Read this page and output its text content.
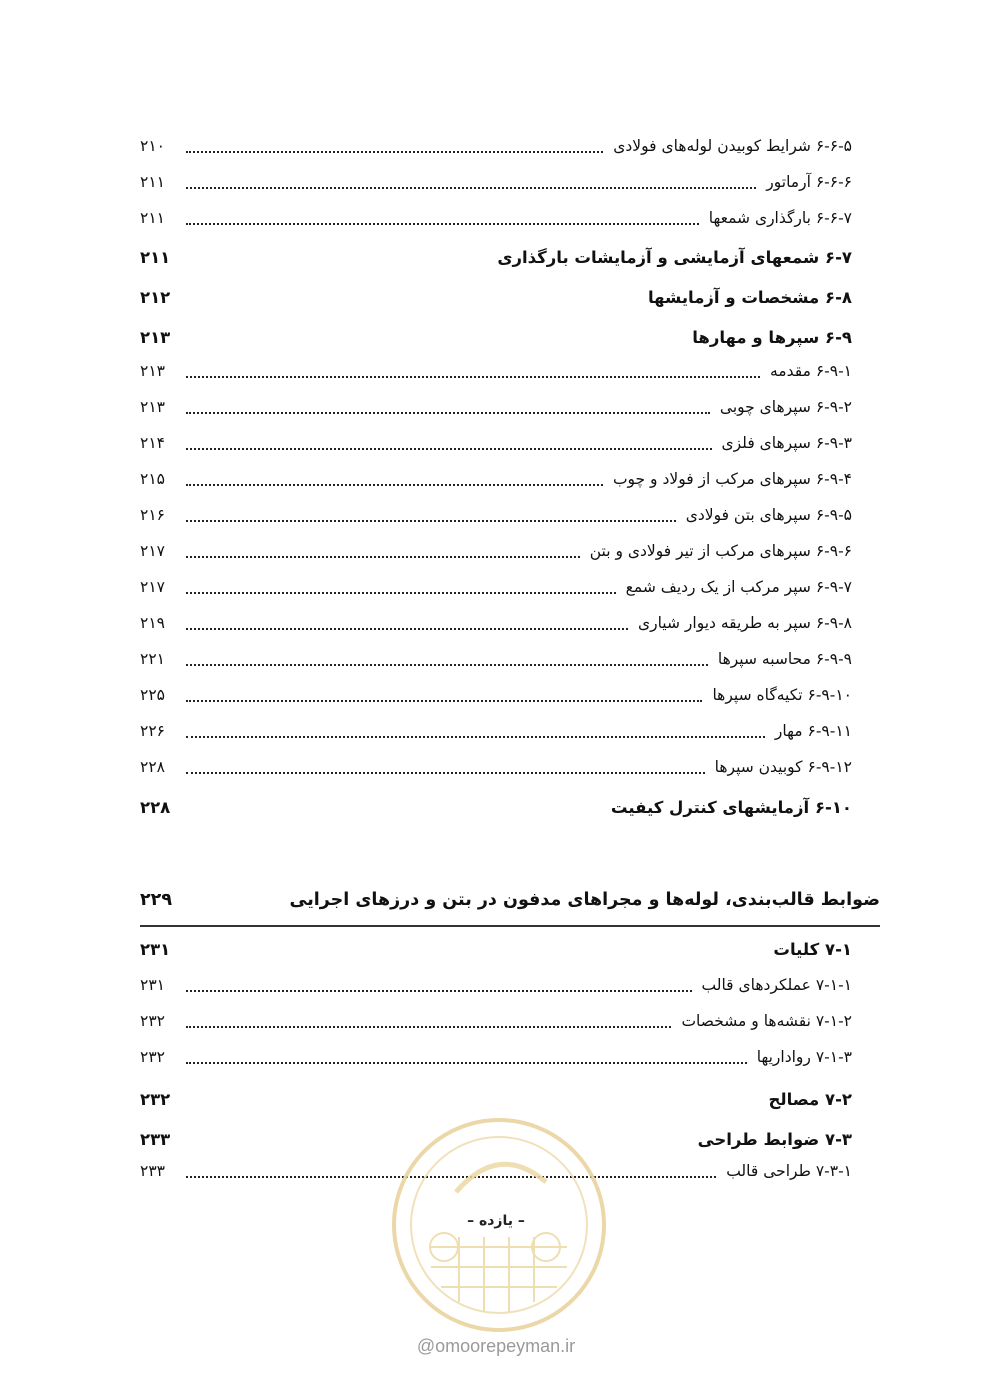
۶-۶-۵ شرایط کوبیدن لوله‌های فولادی
۲۱۰
۶-۶-۶ آرماتور
۲۱۱
۶-۶-۷ بارگذاری شمعها
۲۱۱
۶-۷ شمعهای آزمایشی و آزمایشات بارگذاری
۲۱۱
۶-۸ مشخصات و آزمایشها
۲۱۲
۶-۹ سپرها و مهارها
۲۱۳
۶-۹-۱ مقدمه
۲۱۳
۶-۹-۲ سپرهای چوبی
۲۱۳
۶-۹-۳ سپرهای فلزی
۲۱۴
۶-۹-۴ سپرهای مرکب از فولاد و چوب
۲۱۵
۶-۹-۵ سپرهای بتن فولادی
۲۱۶
۶-۹-۶ سپرهای مرکب از تیر فولادی و بتن
۲۱۷
۶-۹-۷ سپر مرکب از یک ردیف شمع
۲۱۷
۶-۹-۸ سپر به طریقه دیوار شیاری
۲۱۹
۶-۹-۹ محاسبه سپرها
۲۲۱
۶-۹-۱۰ تکیه‌گاه سپرها
۲۲۵
۶-۹-۱۱ مهار
۲۲۶
۶-۹-۱۲ کوبیدن سپرها
۲۲۸
۶-۱۰ آزمایشهای کنترل کیفیت
۲۲۸
ضوابط قالب‌بندی، لوله‌ها و مجراهای مدفون در بتن و درزهای اجرایی
۲۲۹
۷-۱ کلیات
۲۳۱
۷-۱-۱ عملکردهای قالب
۲۳۱
۷-۱-۲ نقشه‌ها و مشخصات
۲۳۲
۷-۱-۳ رواداریها
۲۳۲
۷-۲ مصالح
۲۳۲
۷-۳ ضوابط طراحی
۲۳۳
۷-۳-۱ طراحی قالب
۲۳۳
– یازده –
@omoorepeyman.ir
